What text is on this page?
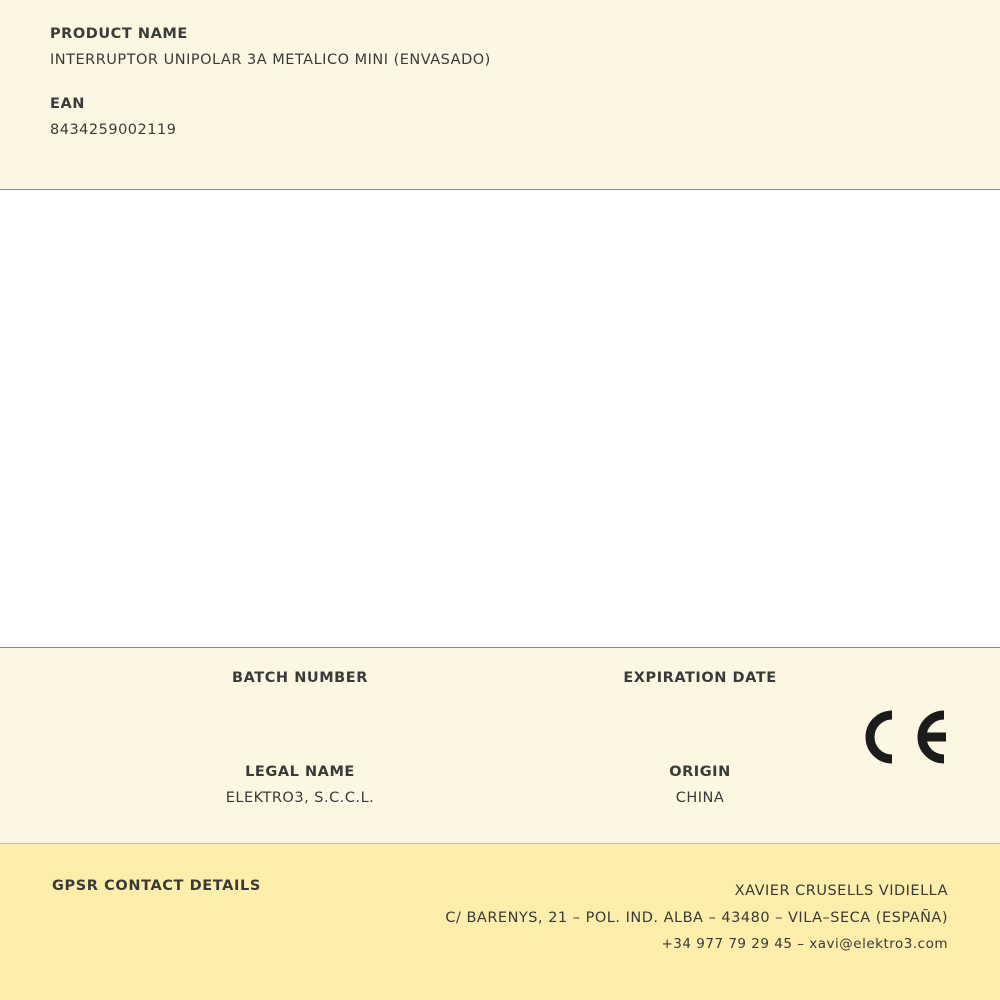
PRODUCT NAME
INTERRUPTOR UNIPOLAR 3A METALICO MINI (ENVASADO)
EAN
8434259002119
BATCH NUMBER	EXPIRATION DATE
LEGAL NAME
ELEKTRO3, S.C.C.L.
ORIGIN
CHINA
GPSR CONTACT DETAILS	XAVIER CRUSELLS VIDIELLA
C/ BARENYS, 21 – POL. IND. ALBA – 43480 – VILA–SECA (ESPAÑA)
+34 977 79 29 45 – xavi@elektro3.com
